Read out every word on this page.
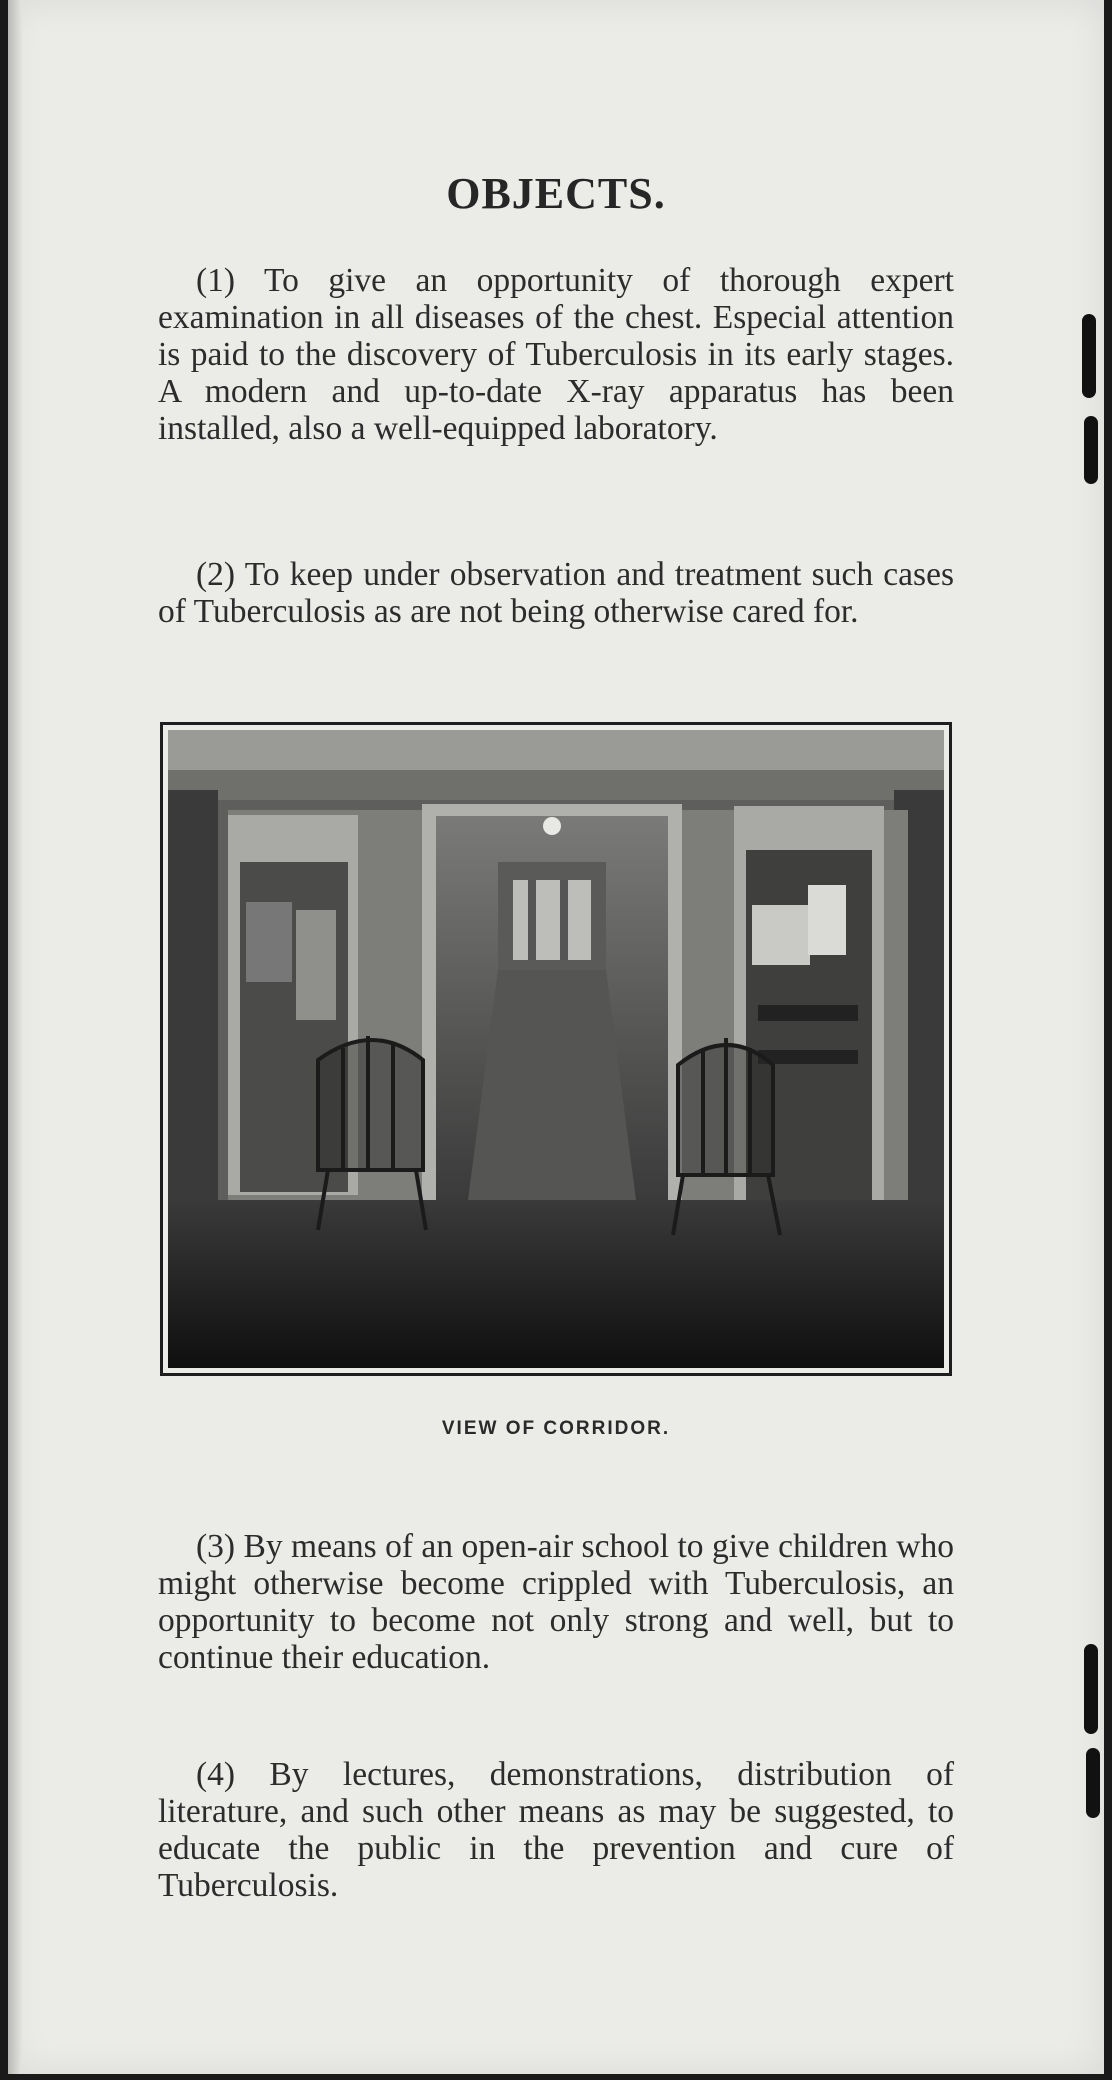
OBJECTS.

(1) To give an opportunity of thorough expert examination in all diseases of the chest. Especial attention is paid to the discovery of Tuberculosis in its early stages. A modern and up-to-date X-ray apparatus has been installed, also a well-equipped laboratory.

(2) To keep under observation and treatment such cases of Tuberculosis as are not being otherwise cared for.

VIEW OF CORRIDOR.

(3) By means of an open-air school to give children who might otherwise become crippled with Tuberculosis, an opportunity to become not only strong and well, but to continue their education.

(4) By lectures, demonstrations, distribution of literature, and such other means as may be suggested, to educate the public in the prevention and cure of Tuberculosis.
